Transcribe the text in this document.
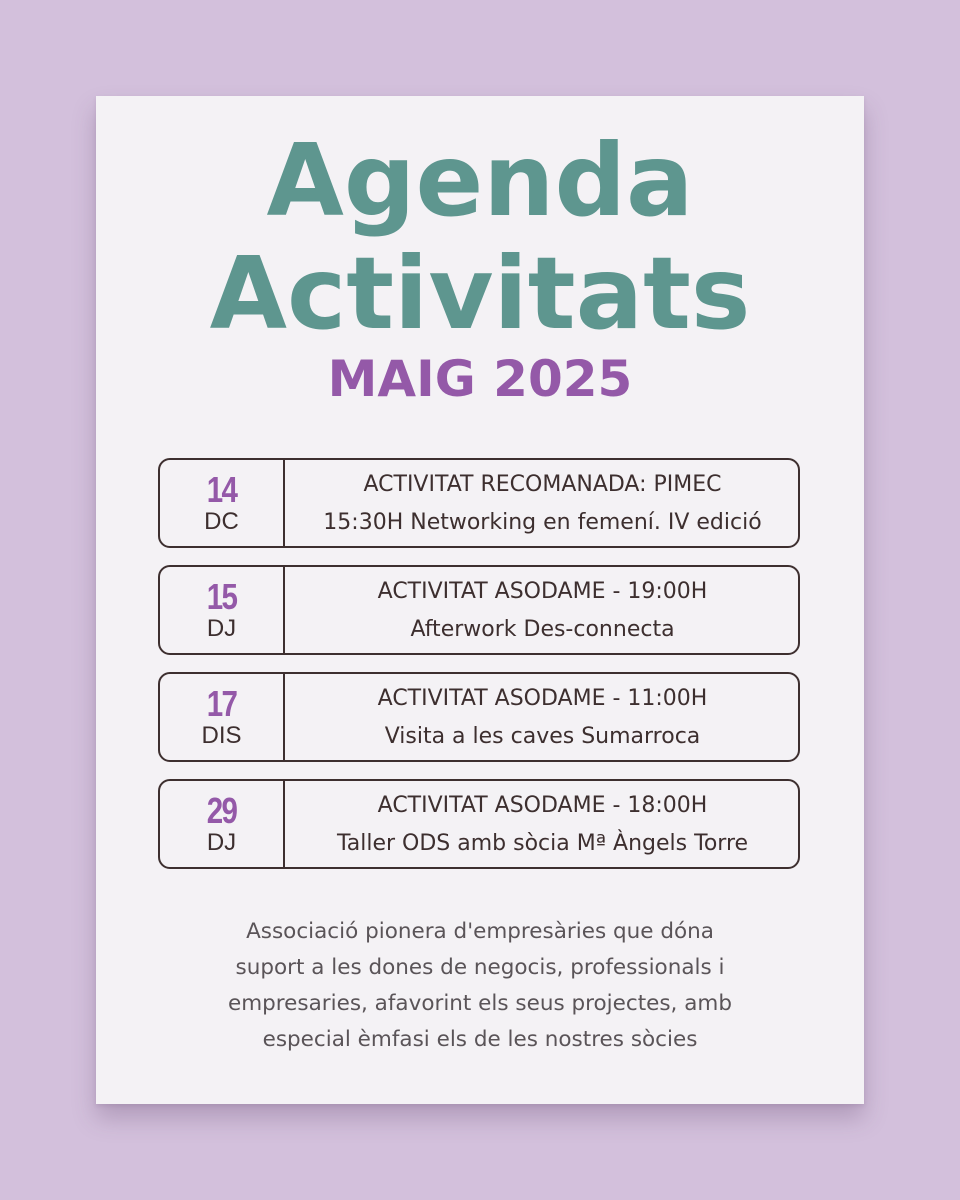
Agenda
Activitats
MAIG 2025
14
DC
ACTIVITAT RECOMANADA: PIMEC
15:30H Networking en femení. IV edició
15
DJ
ACTIVITAT ASODAME - 19:00H
Afterwork Des-connecta
17
DIS
ACTIVITAT ASODAME - 11:00H
Visita a les caves Sumarroca
29
DJ
ACTIVITAT ASODAME - 18:00H
Taller ODS amb sòcia Mª Àngels Torre
Associació pionera d'empresàries que dóna
suport a les dones de negocis, professionals i
empresaries, afavorint els seus projectes, amb
especial èmfasi els de les nostres sòcies
